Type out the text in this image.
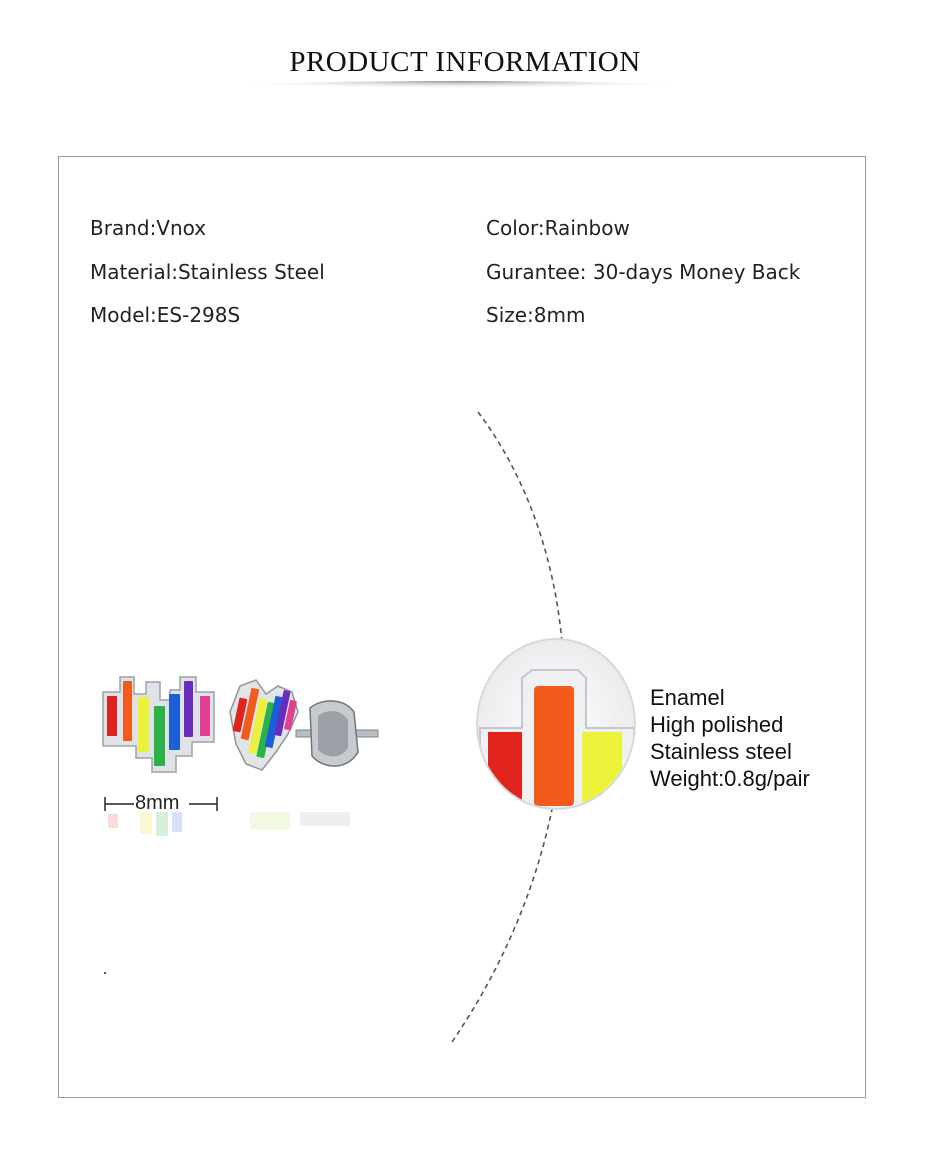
PRODUCT INFORMATION
Brand:Vnox
Material:Stainless Steel
Model:ES-298S
Color:Rainbow
Gurantee: 30-days Money Back
Size:8mm
8mm
Enamel
High polished
Stainless steel
Weight:0.8g/pair
